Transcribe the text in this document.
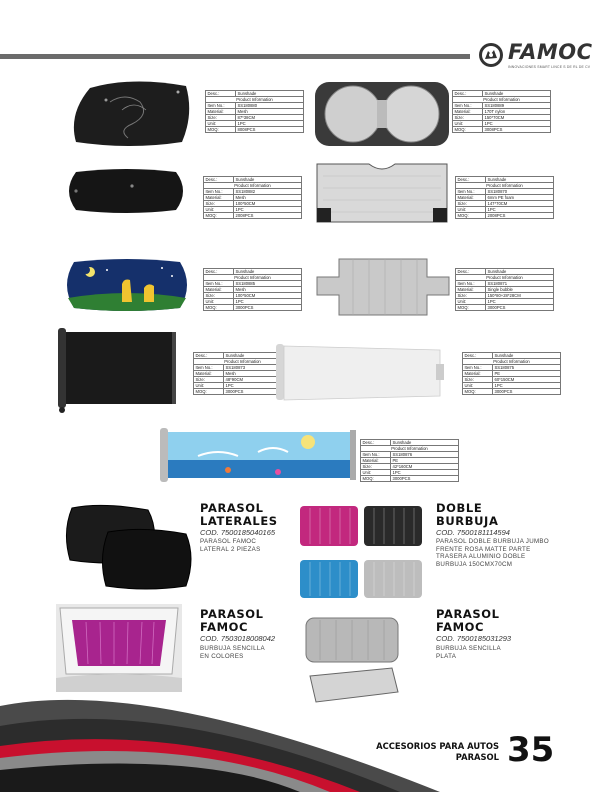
FAMOC
INNOVACIONES SMART LINCE S DE RL DE CV
Desc.:	Sunshade
Product Information	
Item No.:	SS180880
Material:	Mesh
Size:	87*38CM
Unit:	1PC
MOQ:	8008PCS
Desc.:	Sunshade
Product Information	
Item No.:	SS180889
Material:	170T nylon
Size:	150*70CM
Unit:	1PC
MOQ:	3008PCS
Desc.:	Sunshade
Product Information	
Item No.:	SS180882
Material:	Mesh
Size:	100*50CM
Unit:	1PC
MOQ:	2008PCS
Desc.:	Sunshade
Product Information	
Item No.:	SS180870
Material:	6mm PE foam
Size:	147*70CM
Unit:	1PC
MOQ:	2008PCS
Desc.:	Sunshade
Product Information	
Item No.:	SS180885
Material:	Mesh
Size:	100*50CM
Unit:	1PC
MOQ:	3000PCS
Desc.:	Sunshade
Product Information	
Item No.:	SS180871
Material:	Single bubble
Size:	150*80+28*28CM
Unit:	1PC
MOQ:	3000PCS
Desc.:	Sunshade
Product Information	
Item No.:	SS180873
Material:	Mesh
Size:	48*90CM
Unit:	1PC
MOQ:	3000PCS
Desc.:	Sunshade
Product Information	
Item No.:	SS180875
Material:	PE
Size:	60*150CM
Unit:	1PC
MOQ:	3000PCS
Desc.:	Sunshade
Product Information	
Item No.:	SS180876
Material:	PE
Size:	42*160CM
Unit:	1PC
MOQ:	3000PCS
PARASOL
LATERALES
COD. 7500185040165
PARASOL FAMOC
LATERAL 2 PIEZAS
DOBLE
BURBUJA
COD. 7500181114594
PARASOL DOBLE BURBUJA JUMBO
FRENTE ROSA MATTE PARTE
TRASERA ALUMINIO DOBLE
BURBUJA 150CMX70CM
PARASOL
FAMOC
COD. 7503018008042
BURBUJA SENCILLA
EN COLORES
PARASOL
FAMOC
COD. 7500185031293
BURBUJA SENCILLA
PLATA
ACCESORIOS PARA AUTOS
PARASOL 35
